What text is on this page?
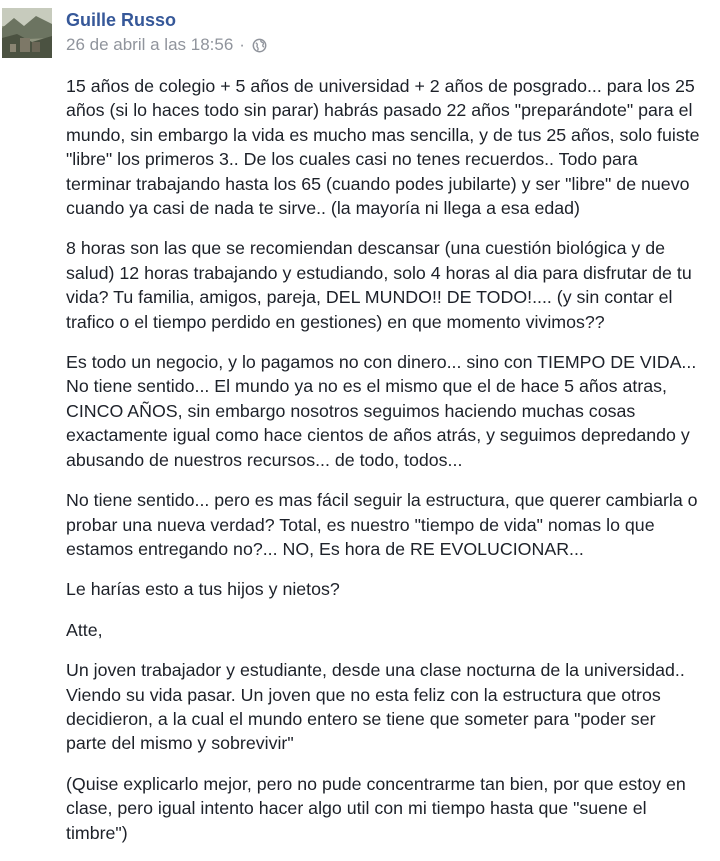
Guille Russo
26 de abril a las 18:56 ·

15 años de colegio + 5 años de universidad + 2 años de posgrado... para los 25
años (si lo haces todo sin parar) habrás pasado 22 años "preparándote" para el
mundo, sin embargo la vida es mucho mas sencilla, y de tus 25 años, solo fuiste
"libre" los primeros 3.. De los cuales casi no tenes recuerdos.. Todo para
terminar trabajando hasta los 65 (cuando podes jubilarte) y ser "libre" de nuevo
cuando ya casi de nada te sirve.. (la mayoría ni llega a esa edad)

8 horas son las que se recomiendan descansar (una cuestión biológica y de
salud) 12 horas trabajando y estudiando, solo 4 horas al dia para disfrutar de tu
vida? Tu familia, amigos, pareja, DEL MUNDO!! DE TODO!.... (y sin contar el
trafico o el tiempo perdido en gestiones) en que momento vivimos??

Es todo un negocio, y lo pagamos no con dinero... sino con TIEMPO DE VIDA...
No tiene sentido... El mundo ya no es el mismo que el de hace 5 años atras,
CINCO AÑOS, sin embargo nosotros seguimos haciendo muchas cosas
exactamente igual como hace cientos de años atrás, y seguimos depredando y
abusando de nuestros recursos... de todo, todos...

No tiene sentido... pero es mas fácil seguir la estructura, que querer cambiarla o
probar una nueva verdad? Total, es nuestro "tiempo de vida" nomas lo que
estamos entregando no?... NO, Es hora de RE EVOLUCIONAR...

Le harías esto a tus hijos y nietos?

Atte,

Un joven trabajador y estudiante, desde una clase nocturna de la universidad..
Viendo su vida pasar. Un joven que no esta feliz con la estructura que otros
decidieron, a la cual el mundo entero se tiene que someter para "poder ser
parte del mismo y sobrevivir"

(Quise explicarlo mejor, pero no pude concentrarme tan bien, por que estoy en
clase, pero igual intento hacer algo util con mi tiempo hasta que "suene el
timbre")
